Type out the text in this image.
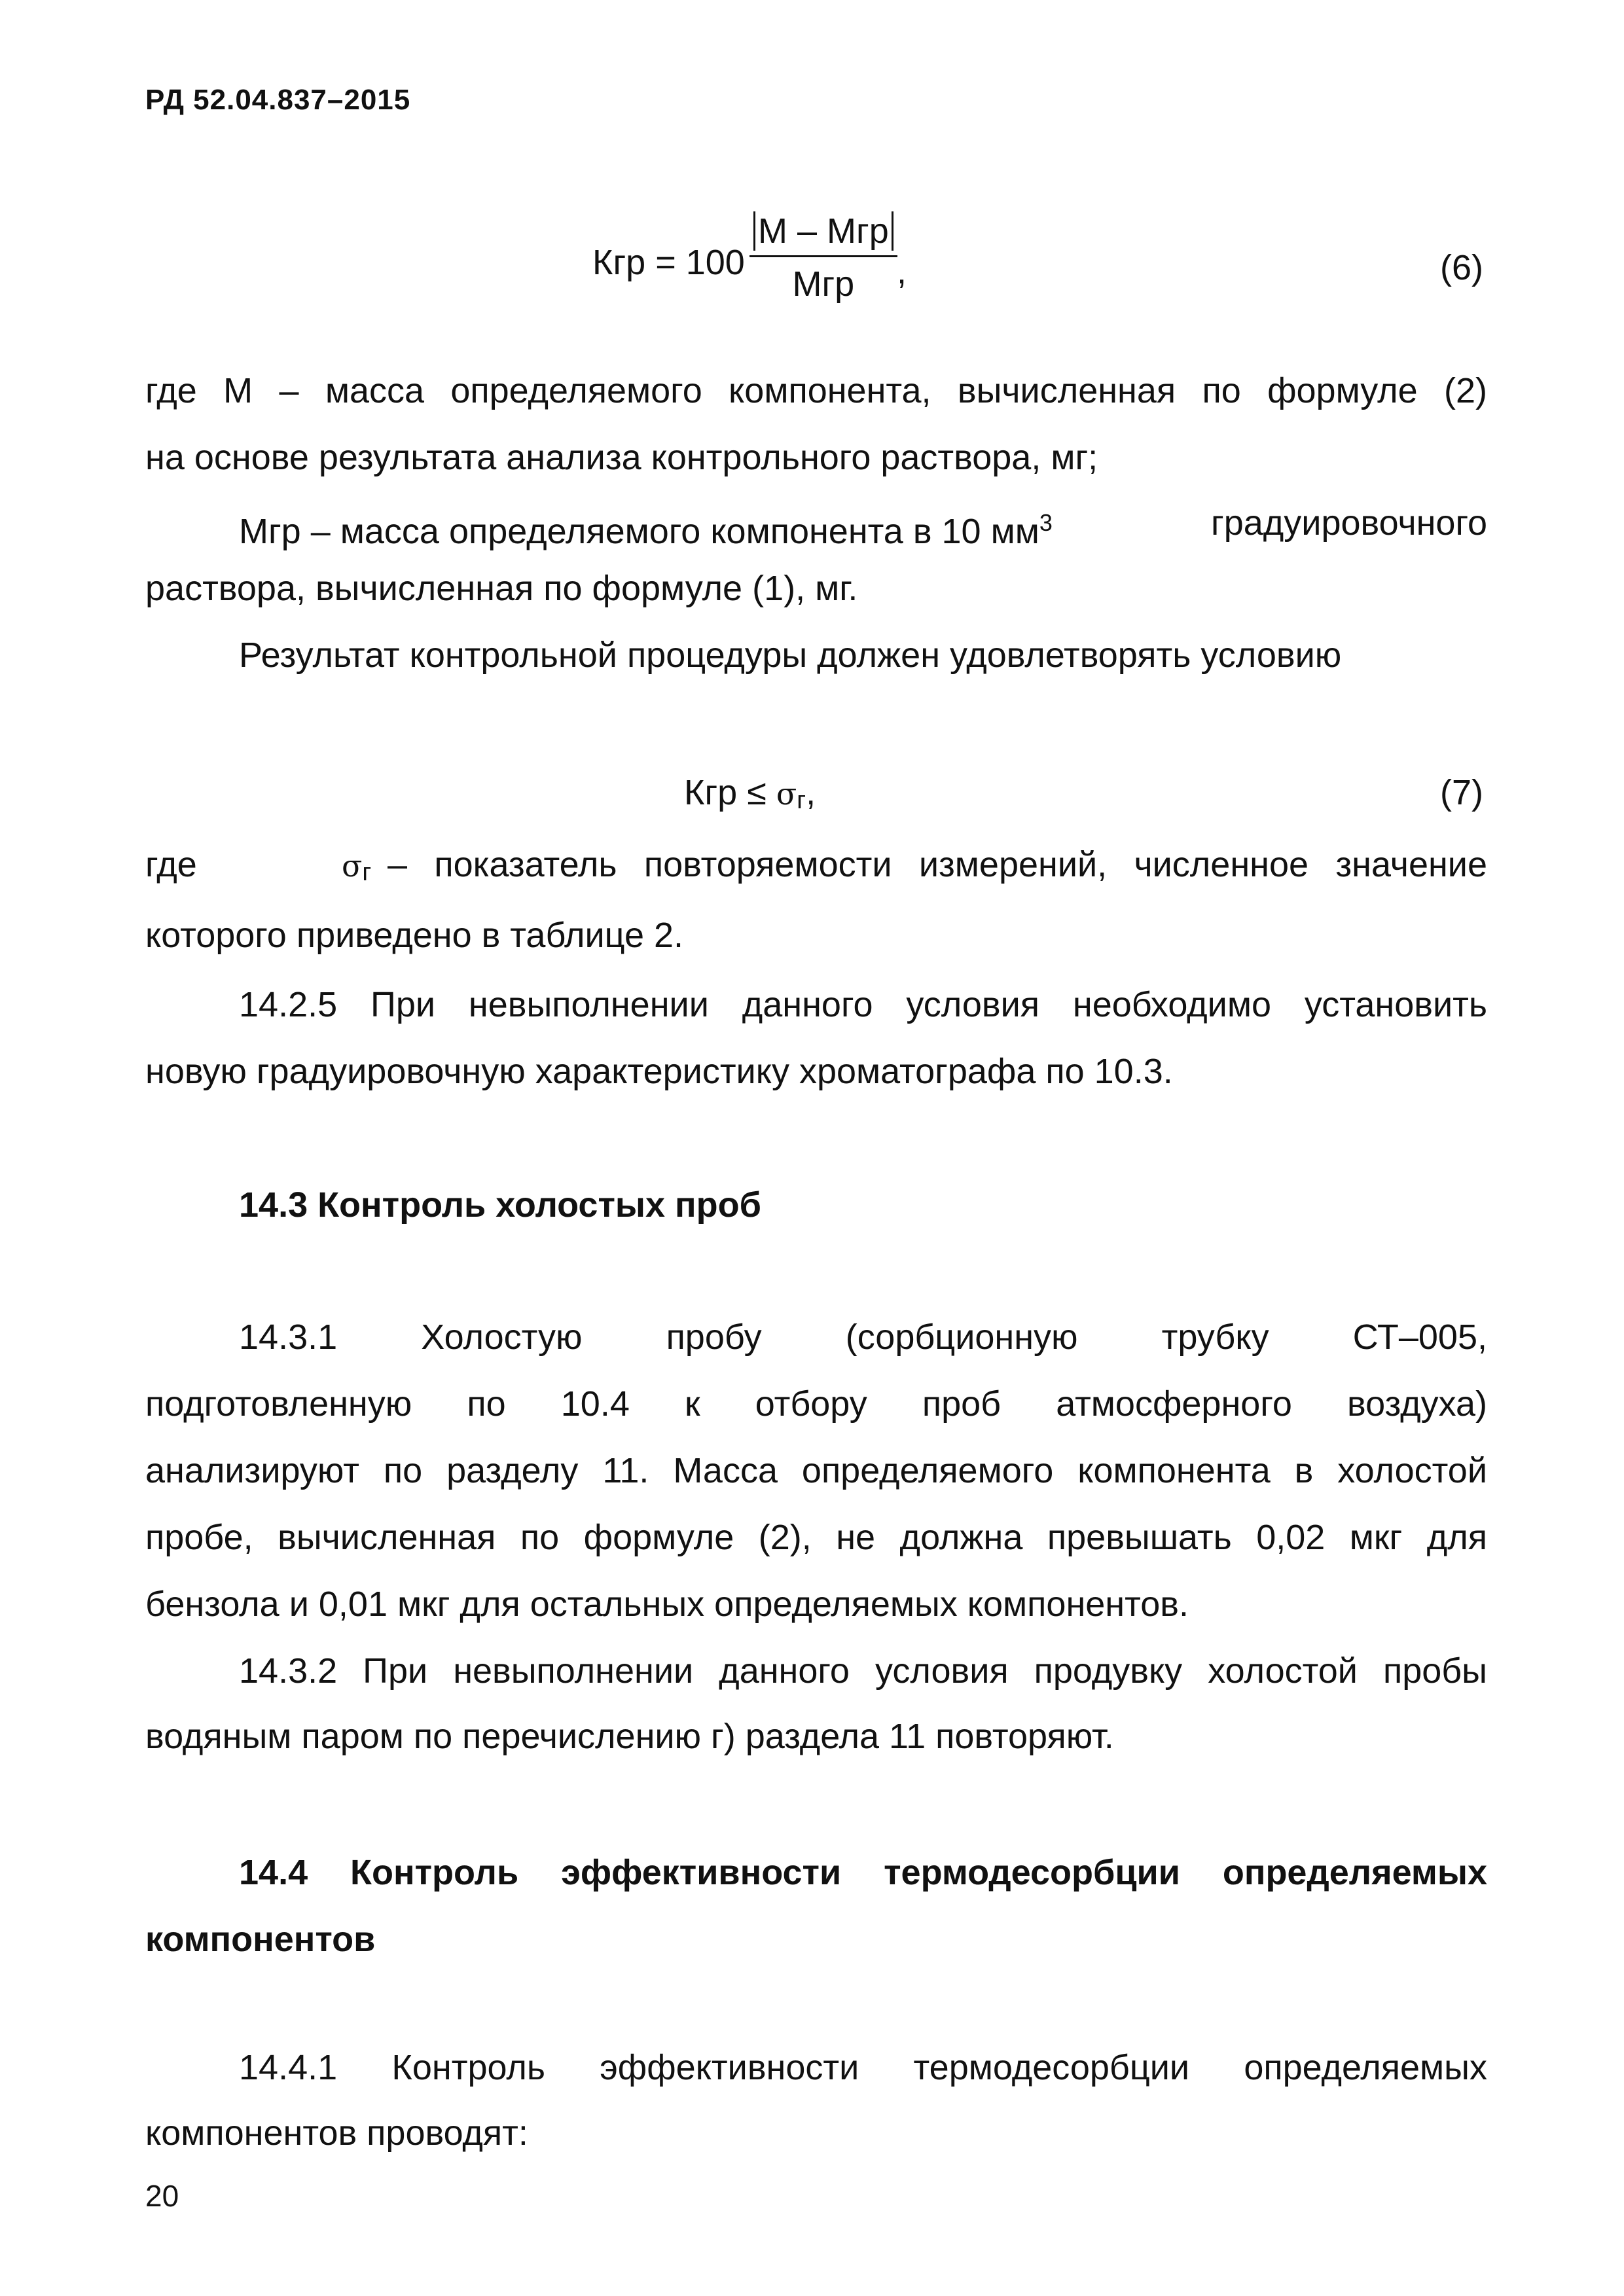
РД 52.04.837–2015
Кгр = 100
М – Мгр
Мгр	,	(6)
где М – масса определяемого компонента, вычисленная по формуле (2)
на основе результата анализа контрольного раствора, мг;
Мгр – масса определяемого компонента в 10 $мм^3$	градуировочного
раствора, вычисленная по формуле (1), мг.
Результат контрольной процедуры должен удовлетворять условию
Кгр ≤ σг,	(7)
где	σг – показатель повторяемости измерений, численное значение
которого приведено в таблице 2.
14.2.5 При невыполнении данного условия необходимо установить
новую градуировочную характеристику хроматографа по 10.3.
14.3 Контроль холостых проб
14.3.1 Холостую пробу (сорбционную трубку СТ–005,
подготовленную по 10.4 к отбору проб атмосферного воздуха)
анализируют по разделу 11. Масса определяемого компонента в холостой
пробе, вычисленная по формуле (2), не должна превышать 0,02 мкг для
бензола и 0,01 мкг для остальных определяемых компонентов.
14.3.2 При невыполнении данного условия продувку холостой пробы
водяным паром по перечислению г) раздела 11 повторяют.
14.4 Контроль эффективности термодесорбции определяемых
компонентов
14.4.1 Контроль эффективности термодесорбции определяемых
компонентов проводят:
20
